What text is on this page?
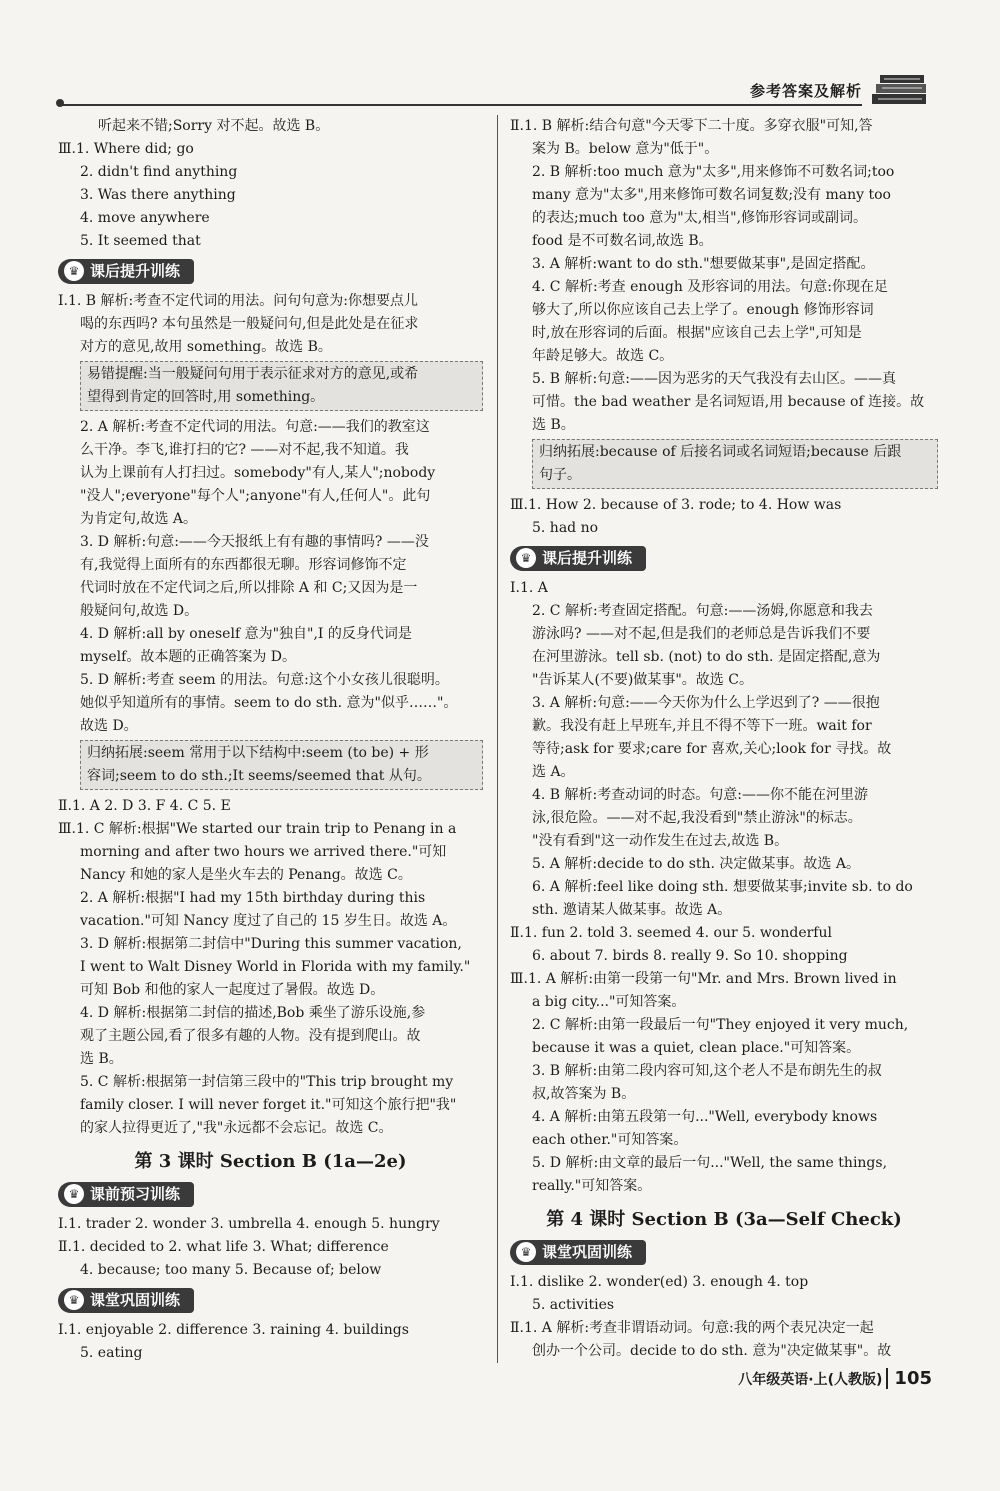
参考答案及解析
听起来不错;Sorry 对不起。故选 B。
Ⅲ.1. Where did; go
2. didn't find anything
3. Was there anything
4. move anywhere
5. It seemed that
♛ 课后提升训练
Ⅰ.1. B 解析:考查不定代词的用法。问句句意为:你想要点儿
喝的东西吗? 本句虽然是一般疑问句,但是此处是在征求
对方的意见,故用 something。故选 B。
易错提醒:当一般疑问句用于表示征求对方的意见,或希
望得到肯定的回答时,用 something。
2. A 解析:考查不定代词的用法。句意:——我们的教室这
么干净。李飞,谁打扫的它? ——对不起,我不知道。我
认为上课前有人打扫过。somebody"有人,某人";nobody
"没人";everyone"每个人";anyone"有人,任何人"。此句
为肯定句,故选 A。
3. D 解析:句意:——今天报纸上有有趣的事情吗? ——没
有,我觉得上面所有的东西都很无聊。形容词修饰不定
代词时放在不定代词之后,所以排除 A 和 C;又因为是一
般疑问句,故选 D。
4. D 解析:all by oneself 意为"独自",I 的反身代词是
myself。故本题的正确答案为 D。
5. D 解析:考查 seem 的用法。句意:这个小女孩儿很聪明。
她似乎知道所有的事情。seem to do sth. 意为"似乎……"。
故选 D。
归纳拓展:seem 常用于以下结构中:seem (to be) + 形
容词;seem to do sth.;It seems/seemed that 从句。
Ⅱ.1. A 2. D 3. F 4. C 5. E
Ⅲ.1. C 解析:根据"We started our train trip to Penang in a
morning and after two hours we arrived there."可知
Nancy 和她的家人是坐火车去的 Penang。故选 C。
2. A 解析:根据"I had my 15th birthday during this
vacation."可知 Nancy 度过了自己的 15 岁生日。故选 A。
3. D 解析:根据第二封信中"During this summer vacation,
I went to Walt Disney World in Florida with my family."
可知 Bob 和他的家人一起度过了暑假。故选 D。
4. D 解析:根据第二封信的描述,Bob 乘坐了游乐设施,参
观了主题公园,看了很多有趣的人物。没有提到爬山。故
选 B。
5. C 解析:根据第一封信第三段中的"This trip brought my
family closer. I will never forget it."可知这个旅行把"我"
的家人拉得更近了,"我"永远都不会忘记。故选 C。
第 3 课时 Section B (1a—2e)
♛ 课前预习训练
Ⅰ.1. trader 2. wonder 3. umbrella 4. enough 5. hungry
Ⅱ.1. decided to 2. what life 3. What; difference
4. because; too many 5. Because of; below
♛ 课堂巩固训练
Ⅰ.1. enjoyable 2. difference 3. raining 4. buildings
5. eating
Ⅱ.1. B 解析:结合句意"今天零下二十度。多穿衣服"可知,答
案为 B。below 意为"低于"。
2. B 解析:too much 意为"太多",用来修饰不可数名词;too
many 意为"太多",用来修饰可数名词复数;没有 many too
的表达;much too 意为"太,相当",修饰形容词或副词。
food 是不可数名词,故选 B。
3. A 解析:want to do sth."想要做某事",是固定搭配。
4. C 解析:考查 enough 及形容词的用法。句意:你现在足
够大了,所以你应该自己去上学了。enough 修饰形容词
时,放在形容词的后面。根据"应该自己去上学",可知是
年龄足够大。故选 C。
5. B 解析:句意:——因为恶劣的天气我没有去山区。——真
可惜。the bad weather 是名词短语,用 because of 连接。故
选 B。
归纳拓展:because of 后接名词或名词短语;because 后跟
句子。
Ⅲ.1. How 2. because of 3. rode; to 4. How was
5. had no
♛ 课后提升训练
Ⅰ.1. A
2. C 解析:考查固定搭配。句意:——汤姆,你愿意和我去
游泳吗? ——对不起,但是我们的老师总是告诉我们不要
在河里游泳。tell sb. (not) to do sth. 是固定搭配,意为
"告诉某人(不要)做某事"。故选 C。
3. A 解析:句意:——今天你为什么上学迟到了? ——很抱
歉。我没有赶上早班车,并且不得不等下一班。wait for
等待;ask for 要求;care for 喜欢,关心;look for 寻找。故
选 A。
4. B 解析:考查动词的时态。句意:——你不能在河里游
泳,很危险。——对不起,我没看到"禁止游泳"的标志。
"没有看到"这一动作发生在过去,故选 B。
5. A 解析:decide to do sth. 决定做某事。故选 A。
6. A 解析:feel like doing sth. 想要做某事;invite sb. to do
sth. 邀请某人做某事。故选 A。
Ⅱ.1. fun 2. told 3. seemed 4. our 5. wonderful
6. about 7. birds 8. really 9. So 10. shopping
Ⅲ.1. A 解析:由第一段第一句"Mr. and Mrs. Brown lived in
a big city..."可知答案。
2. C 解析:由第一段最后一句"They enjoyed it very much,
because it was a quiet, clean place."可知答案。
3. B 解析:由第二段内容可知,这个老人不是布朗先生的叔
叔,故答案为 B。
4. A 解析:由第五段第一句..."Well, everybody knows
each other."可知答案。
5. D 解析:由文章的最后一句..."Well, the same things,
really."可知答案。
第 4 课时 Section B (3a—Self Check)
♛ 课堂巩固训练
Ⅰ.1. dislike 2. wonder(ed) 3. enough 4. top
5. activities
Ⅱ.1. A 解析:考查非谓语动词。句意:我的两个表兄决定一起
创办一个公司。decide to do sth. 意为"决定做某事"。故
八年级英语·上(人教版) 105
